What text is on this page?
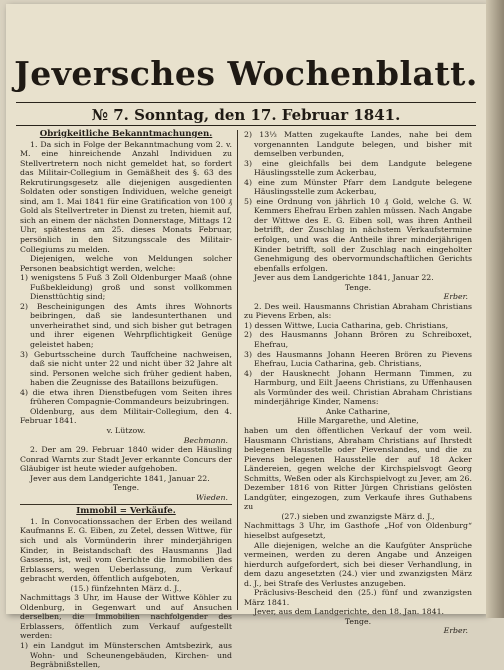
Jeversches Wochenblatt.
№ 7. Sonntag, den 17. Februar 1841.

Obrigkeitliche Bekanntmachungen.

1. Da sich in Folge der Bekanntmachung vom 2. v. M. eine hinreichende Anzahl Individuen zu Stellvertretern noch nicht gemeldet hat, so fordert das Militair-Collegium in Gemäßheit des §. 63 des Rekrutirungsgesetz alle diejenigen ausgedienten Soldaten oder sonstigen Individuen, welche geneigt sind, am 1. Mai 1841 für eine Gratification von 100 ₰ Gold als Stellvertreter in Dienst zu treten, hiemit auf, sich an einem der nächsten Donnerstage, Mittags 12 Uhr, spätestens am 25. dieses Monats Februar, persönlich in den Sitzungsscale des Militair-Collegiums zu melden.

Diejenigen, welche von Meldungen solcher Personen beabsichtigt werden, welche:

1) wenigstens 5 Fuß 3 Zoll Oldenburger Maaß (ohne Fußbekleidung) groß und sonst vollkommen Diensttüchtig sind;

2) Bescheinigungen des Amts ihres Wohnorts beibringen, daß sie landesunterthanen und unverheirathet sind, und sich bisher gut betragen und ihrer eigenen Wehrpflichtigkeit Genüge geleistet haben;

3) Geburtsscheine durch Tauffcheine nachweisen, daß sie nicht unter 22 und nicht über 32 Jahre alt sind. Personen welche sich früher gedient haben, haben die Zeugnisse des Bataillons beizufügen.

4) die etwa ihren Dienstbefugen vom Seiten ihres früheren Compagnie-Commandeurs beizubringen.

Oldenburg, aus dem Militair-Collegium, den 4. Februar 1841.

v. Lützow.

Bechmann.

2. Der am 29. Februar 1840 wider den Häusling Conrad Warnts zur Stadt Jever erkannte Concurs der Gläubiger ist heute wieder aufgehoben.

Jever aus dem Landgerichte 1841, Januar 22.

Tenge.

Wieden.

Immobil = Verkäufe.

1. In Convocationssachen der Erben des weiland Kaufmanns E. G. Eiben, zu Zetel, dessen Wittwe, für sich und als Vormünderin ihrer minderjährigen Kinder, in Beistandschaft des Hausmanns Jlad Gassens, ist, weil vom Gerichte die Immobilien des Erblassers, wegen Ueberlassung, zum Verkauf gebracht werden, öffentlich aufgeboten,

(15.) fünfzehnten März d. J.,

Nachmittags 3 Uhr, im Hause der Wittwe Köhler zu Oldenburg, in Gegenwart und auf Ansuchen derselben, die Immobilien nachfolgender des Erblassers, öffentlich zum Verkauf aufgestellt werden:

1) ein Landgut im Münsterschen Amtsbezirk, aus Wohn- und Scheunengebäuden, Kirchen- und Begräbnißstellen,

2) 13⅓ Matten zugekaufte Landes, nahe bei dem vorgenannten Landgute belegen, und bisher mit demselben verbunden,

3) eine gleichfalls bei dem Landgute belegene Häuslingsstelle zum Ackerbau,

4) eine zum Münster Pfarr dem Landgute belegene Häuslingsstelle zum Ackerbau,

5) eine Ordnung von jährlich 10 ₰ Gold, welche G. W. Kemmers Ehefrau Erben zahlen müssen. Nach Angabe der Wittwe des E. G. Eiben soll, was ihren Antheil betrifft, der Zuschlag in nächstem Verkaufstermine erfolgen, und was die Antheile ihrer minderjährigen Kinder betrifft, soll der Zuschlag nach eingeholter Genehmigung des obervormundschaftlichen Gerichts ebenfalls erfolgen.

Jever aus dem Landgerichte 1841, Januar 22.

Tenge.

Erber.

2. Des weil. Hausmanns Christian Abraham Christians zu Pievens Erben, als:

1) dessen Wittwe, Lucia Catharina, geb. Christians,

2) des Hausmanns Johann Brören zu Schreiboxet, Ehefrau,

3) des Hausmanns Johann Heeren Brören zu Pievens Ehefrau, Lucia Catharina, geb. Christians,

4) der Hausknecht Johann Hermann Timmen, zu Harmburg, und Eilt Jaeens Christians, zu Uffenhausen als Vormünder des weil. Christian Abraham Christians minderjährige Kinder, Namens:

Anke Catharine,

Hille Margarethe, und Aletine,

haben um den öffentlichen Verkauf der vom weil. Hausmann Christians, Abraham Christians auf Ihrstedt belegenen Hausstelle oder Pievenslandes, und die zu Pievens belegenen Hausstelle der auf 18 Acker Ländereien, gegen welche der Kirchspielsvogt Georg Schmitts, Weßen oder als Kirchspielvogt zu Jever, am 26. Dezember 1816 von Ritter Jürgen Christians gelösten Landgüter, eingezogen, zum Verkaufe ihres Guthabens zu

(27.) sieben und zwanzigste März d. J.,

Nachmittags 3 Uhr, im Gasthofe „Hof von Oldenburg“ hieselbst aufgesetzt,

Alle diejenigen, welche an die Kaufgüter Ansprüche vermeinen, werden zu deren Angabe und Anzeigen hierdurch aufgefordert, sich bei dieser Verhandlung, in dem dazu angesetzten (24.) vier und zwanzigsten März d. J., bei Strafe des Verlustes anzugeben.

Präclusivs-Bescheid den (25.) fünf und zwanzigsten März 1841.

Jever, aus dem Landgerichte, den 18. Jan. 1841.

Tenge.

Erber.
